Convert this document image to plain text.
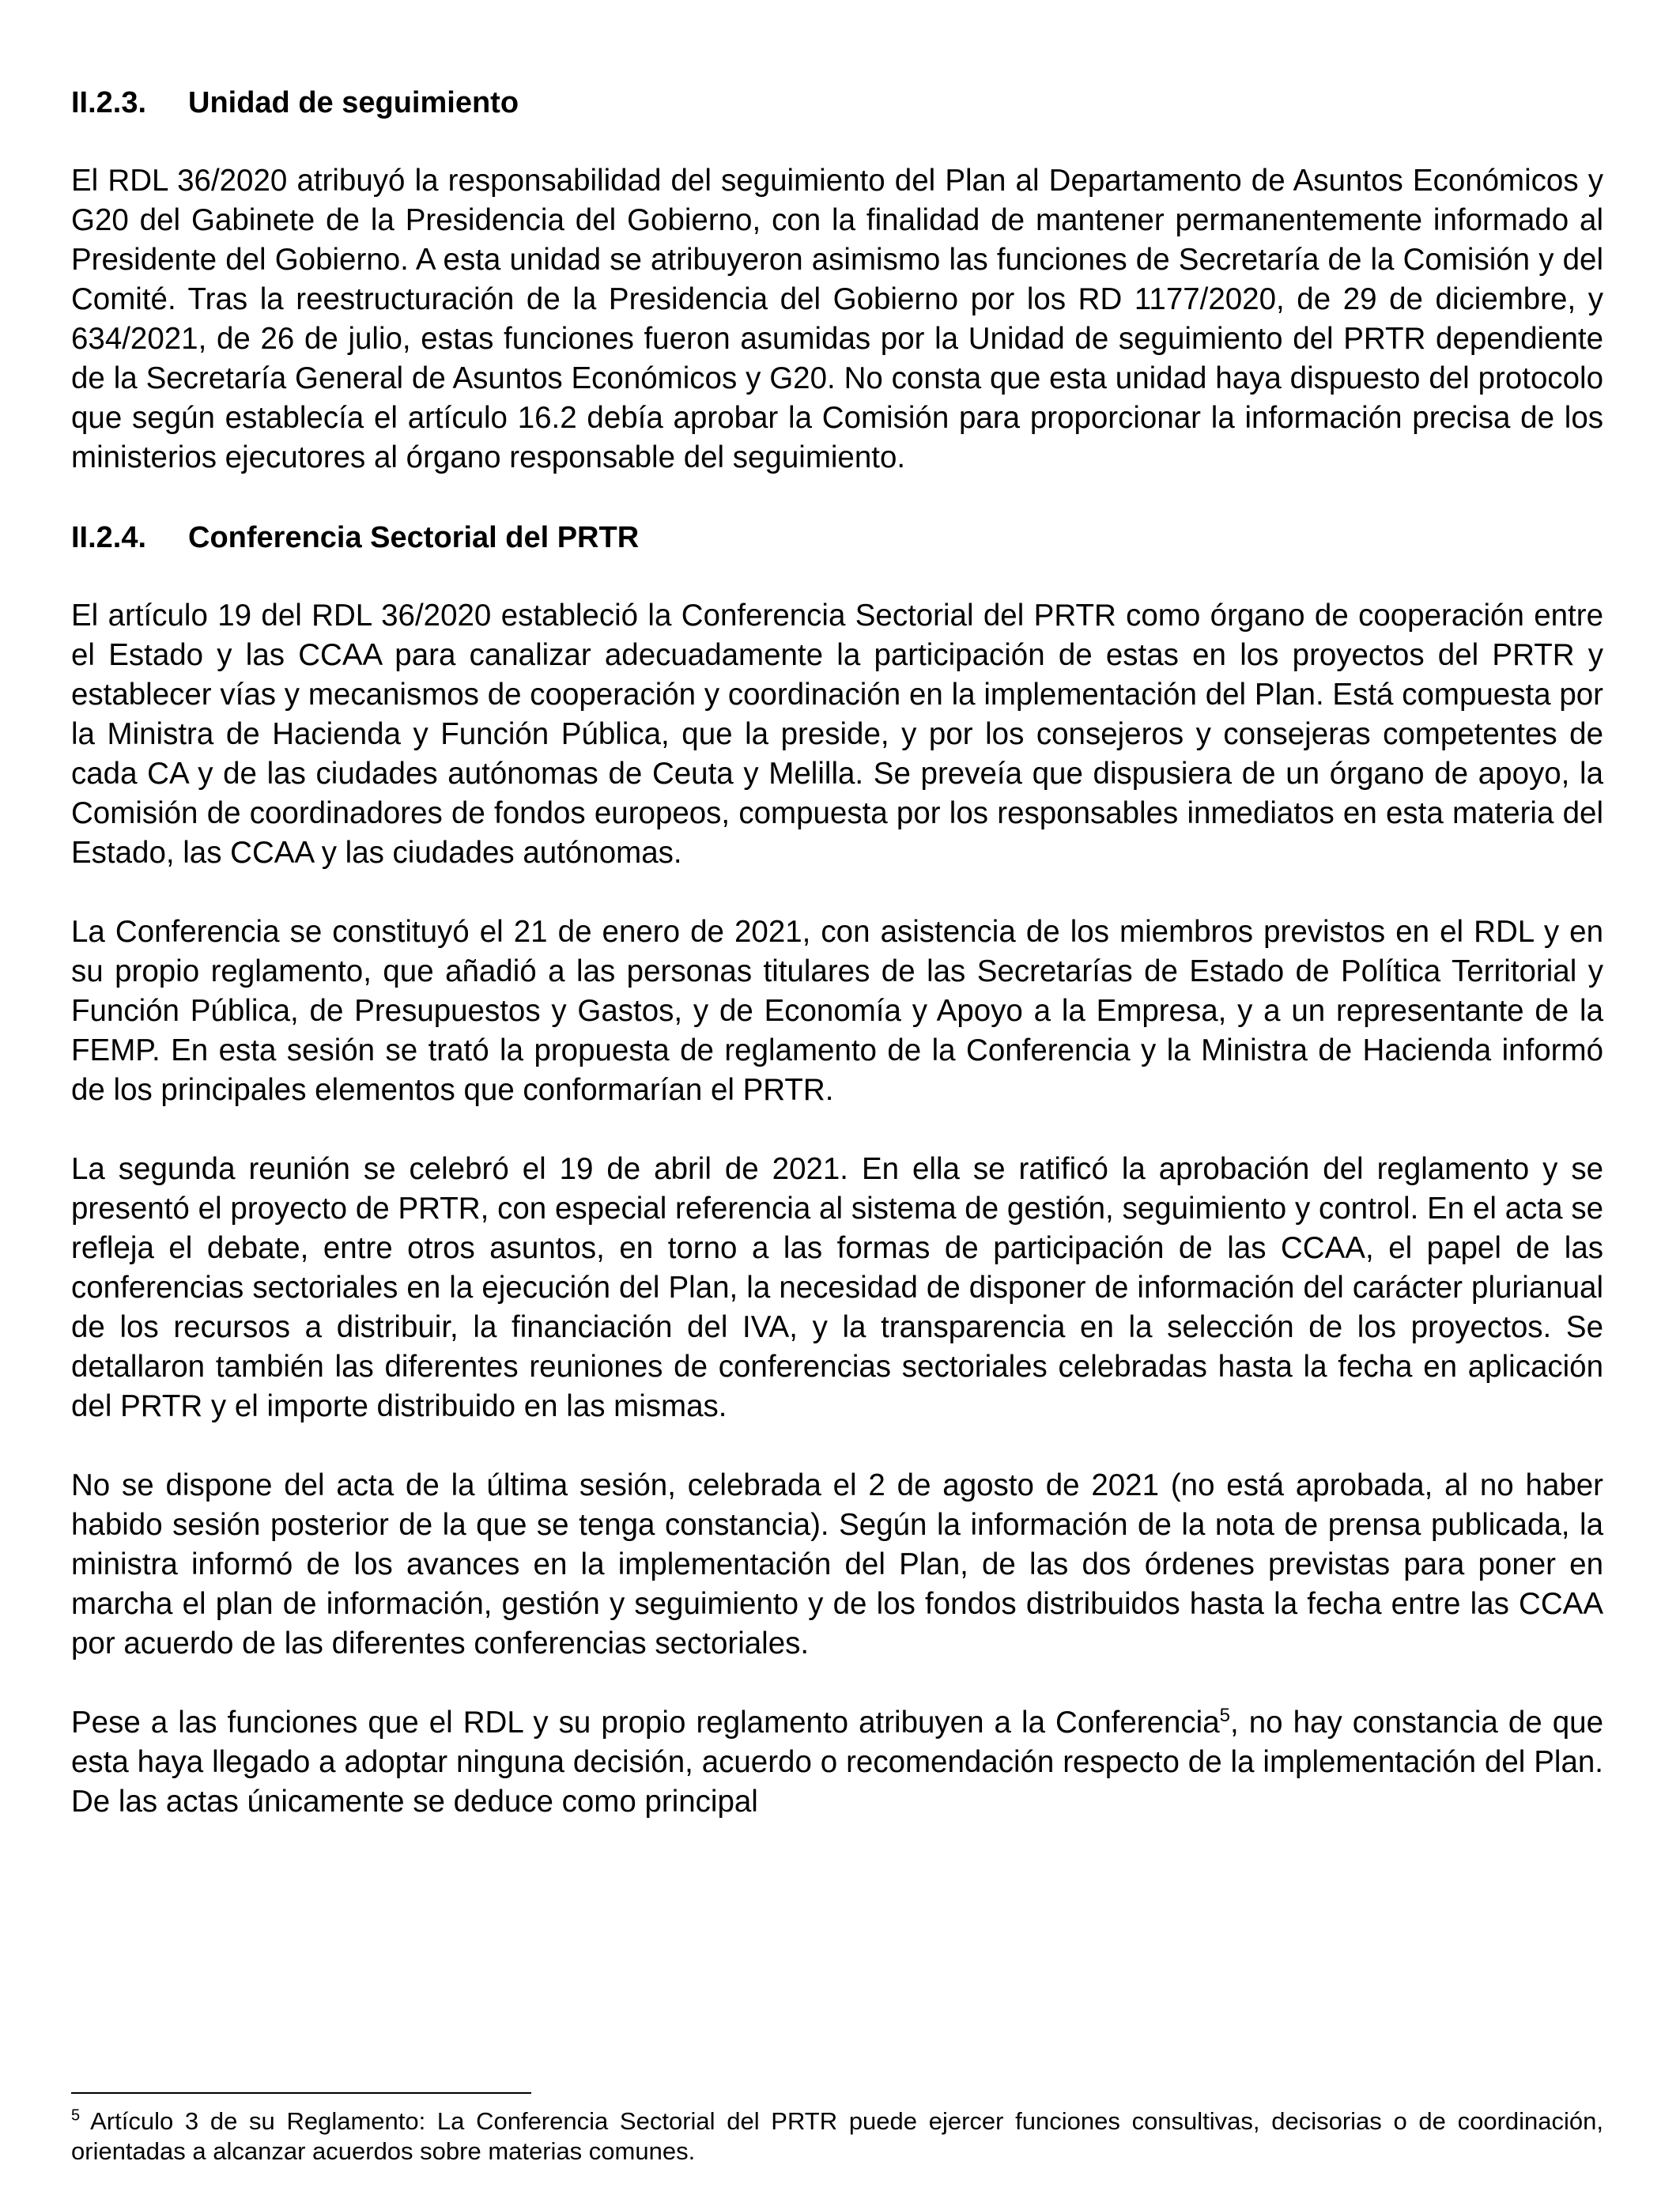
II.2.3. Unidad de seguimiento

El RDL 36/2020 atribuyó la responsabilidad del seguimiento del Plan al Departamento de Asuntos Económicos y G20 del Gabinete de la Presidencia del Gobierno, con la finalidad de mantener permanentemente informado al Presidente del Gobierno. A esta unidad se atribuyeron asimismo las funciones de Secretaría de la Comisión y del Comité. Tras la reestructuración de la Presidencia del Gobierno por los RD 1177/2020, de 29 de diciembre, y 634/2021, de 26 de julio, estas funciones fueron asumidas por la Unidad de seguimiento del PRTR dependiente de la Secretaría General de Asuntos Económicos y G20. No consta que esta unidad haya dispuesto del protocolo que según establecía el artículo 16.2 debía aprobar la Comisión para proporcionar la información precisa de los ministerios ejecutores al órgano responsable del seguimiento.

II.2.4. Conferencia Sectorial del PRTR

El artículo 19 del RDL 36/2020 estableció la Conferencia Sectorial del PRTR como órgano de cooperación entre el Estado y las CCAA para canalizar adecuadamente la participación de estas en los proyectos del PRTR y establecer vías y mecanismos de cooperación y coordinación en la implementación del Plan. Está compuesta por la Ministra de Hacienda y Función Pública, que la preside, y por los consejeros y consejeras competentes de cada CA y de las ciudades autónomas de Ceuta y Melilla. Se preveía que dispusiera de un órgano de apoyo, la Comisión de coordinadores de fondos europeos, compuesta por los responsables inmediatos en esta materia del Estado, las CCAA y las ciudades autónomas.

La Conferencia se constituyó el 21 de enero de 2021, con asistencia de los miembros previstos en el RDL y en su propio reglamento, que añadió a las personas titulares de las Secretarías de Estado de Política Territorial y Función Pública, de Presupuestos y Gastos, y de Economía y Apoyo a la Empresa, y a un representante de la FEMP. En esta sesión se trató la propuesta de reglamento de la Conferencia y la Ministra de Hacienda informó de los principales elementos que conformarían el PRTR.

La segunda reunión se celebró el 19 de abril de 2021. En ella se ratificó la aprobación del reglamento y se presentó el proyecto de PRTR, con especial referencia al sistema de gestión, seguimiento y control. En el acta se refleja el debate, entre otros asuntos, en torno a las formas de participación de las CCAA, el papel de las conferencias sectoriales en la ejecución del Plan, la necesidad de disponer de información del carácter plurianual de los recursos a distribuir, la financiación del IVA, y la transparencia en la selección de los proyectos. Se detallaron también las diferentes reuniones de conferencias sectoriales celebradas hasta la fecha en aplicación del PRTR y el importe distribuido en las mismas.

No se dispone del acta de la última sesión, celebrada el 2 de agosto de 2021 (no está aprobada, al no haber habido sesión posterior de la que se tenga constancia). Según la información de la nota de prensa publicada, la ministra informó de los avances en la implementación del Plan, de las dos órdenes previstas para poner en marcha el plan de información, gestión y seguimiento y de los fondos distribuidos hasta la fecha entre las CCAA por acuerdo de las diferentes conferencias sectoriales.

Pese a las funciones que el RDL y su propio reglamento atribuyen a la Conferencia$^5$, no hay constancia de que esta haya llegado a adoptar ninguna decisión, acuerdo o recomendación respecto de la implementación del Plan. De las actas únicamente se deduce como principal

$^5$ Artículo 3 de su Reglamento: La Conferencia Sectorial del PRTR puede ejercer funciones consultivas, decisorias o de coordinación, orientadas a alcanzar acuerdos sobre materias comunes.
